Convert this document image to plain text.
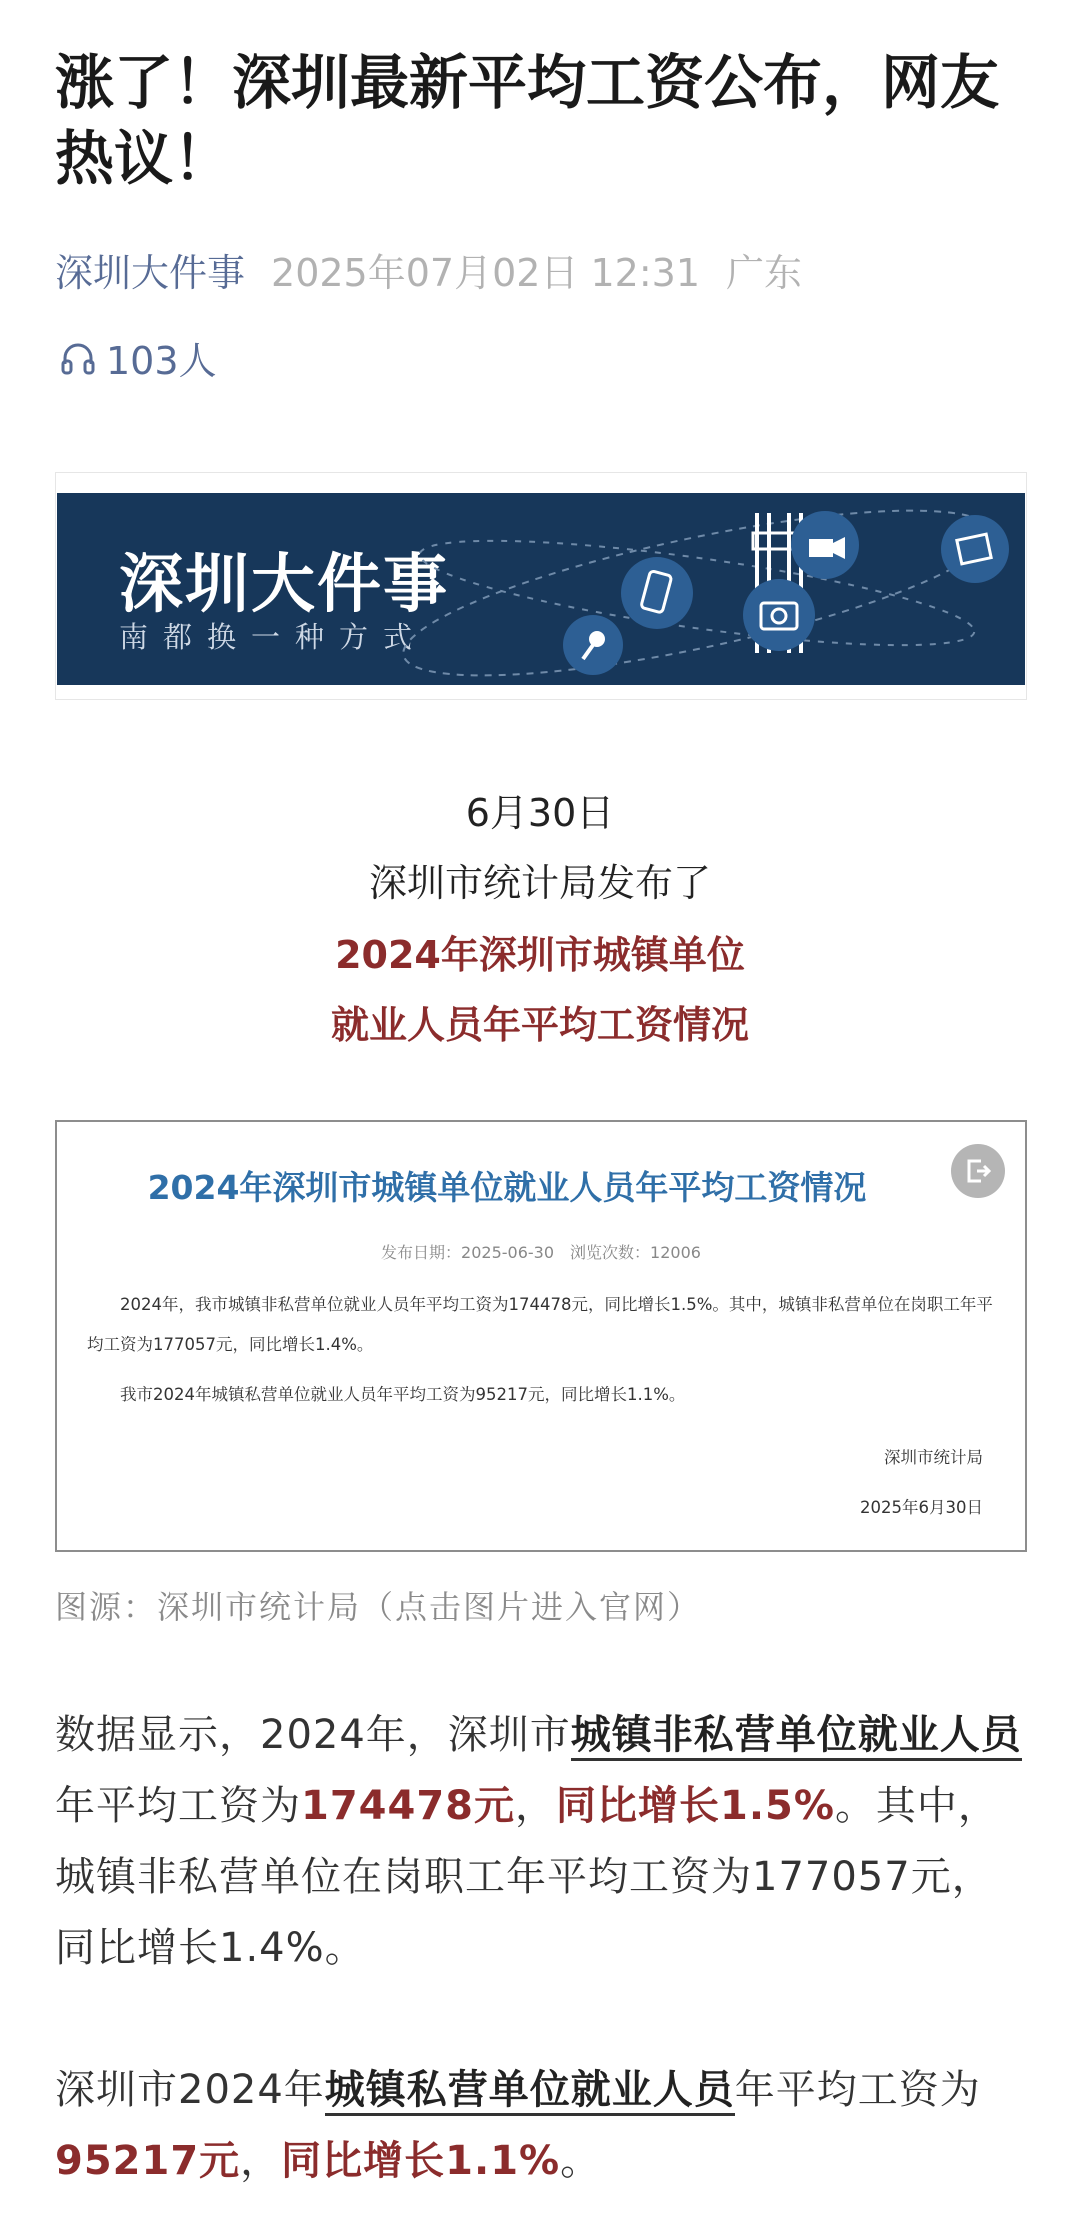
涨了！深圳最新平均工资公布，网友热议！
深圳大件事 2025年07月02日 12:31 广东
103人
深圳大件事
南都换一种方式
6月30日
深圳市统计局发布了
2024年深圳市城镇单位
就业人员年平均工资情况
2024年深圳市城镇单位就业人员年平均工资情况
发布日期：2025-06-30　浏览次数：12006
2024年，我市城镇非私营单位就业人员年平均工资为174478元，同比增长1.5%。其中，城镇非私营单位在岗职工年平均工资为177057元，同比增长1.4%。
我市2024年城镇私营单位就业人员年平均工资为95217元，同比增长1.1%。
深圳市统计局
2025年6月30日
图源：深圳市统计局（点击图片进入官网）
数据显示，2024年，深圳市城镇非私营单位就业人员年平均工资为174478元，同比增长1.5%。其中，城镇非私营单位在岗职工年平均工资为177057元，同比增长1.4%。
深圳市2024年城镇私营单位就业人员年平均工资为95217元，同比增长1.1%。
